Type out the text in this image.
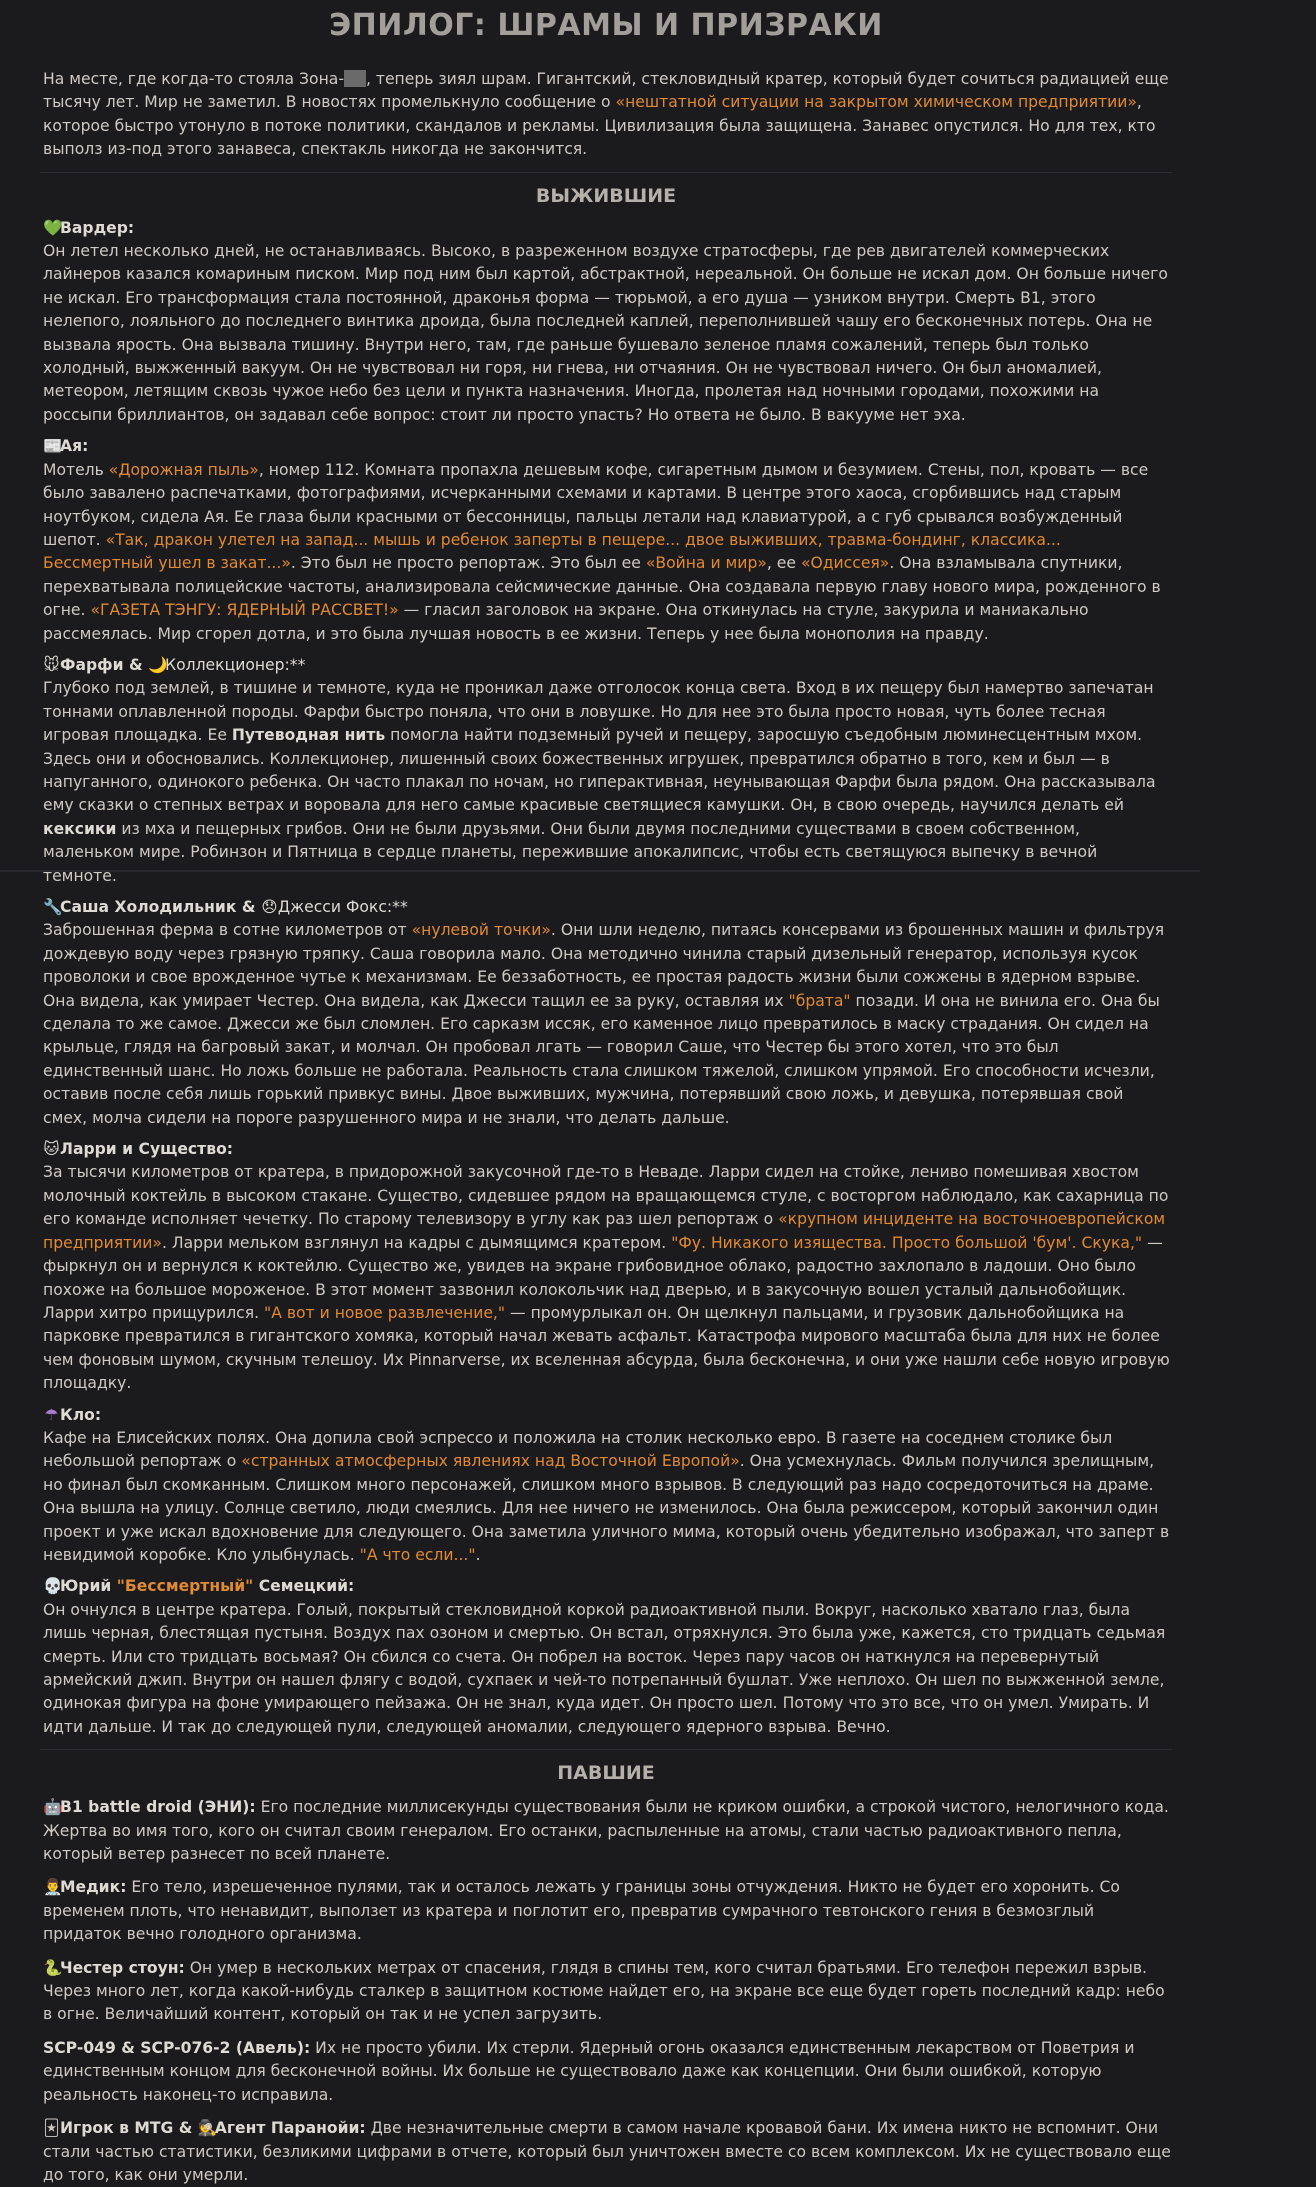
ЭПИЛОГ: ШРАМЫ И ПРИЗРАКИ

На месте, где когда-то стояла Зона- , теперь зиял шрам. Гигантский, стекловидный кратер, который будет сочиться радиацией еще тысячу лет. Мир не заметил. В новостях промелькнуло сообщение о «нештатной ситуации на закрытом химическом предприятии», которое быстро утонуло в потоке политики, скандалов и рекламы. Цивилизация была защищена. Занавес опустился. Но для тех, кто выполз из-под этого занавеса, спектакль никогда не закончится.

ВЫЖИВШИЕ
💚Вардер:
Он летел несколько дней, не останавливаясь. Высоко, в разреженном воздухе стратосферы, где рев двигателей коммерческих лайнеров казался комариным писком. Мир под ним был картой, абстрактной, нереальной. Он больше не искал дом. Он больше ничего не искал. Его трансформация стала постоянной, драконья форма — тюрьмой, а его душа — узником внутри. Смерть B1, этого нелепого, лояльного до последнего винтика дроида, была последней каплей, переполнившей чашу его бесконечных потерь. Она не вызвала ярость. Она вызвала тишину. Внутри него, там, где раньше бушевало зеленое пламя сожалений, теперь был только холодный, выжженный вакуум. Он не чувствовал ни горя, ни гнева, ни отчаяния. Он не чувствовал ничего. Он был аномалией, метеором, летящим сквозь чужое небо без цели и пункта назначения. Иногда, пролетая над ночными городами, похожими на россыпи бриллиантов, он задавал себе вопрос: стоит ли просто упасть? Но ответа не было. В вакууме нет эха.
📰Ая:
Мотель «Дорожная пыль», номер 112. Комната пропахла дешевым кофе, сигаретным дымом и безумием. Стены, пол, кровать — все было завалено распечатками, фотографиями, исчерканными схемами и картами. В центре этого хаоса, сгорбившись над старым ноутбуком, сидела Ая. Ее глаза были красными от бессонницы, пальцы летали над клавиатурой, а с губ срывался возбужденный шепот. «Так, дракон улетел на запад... мышь и ребенок заперты в пещере... двое выживших, травма-бондинг, классика... Бессмертный ушел в закат...». Это был не просто репортаж. Это был ее «Война и мир», ее «Одиссея». Она взламывала спутники, перехватывала полицейские частоты, анализировала сейсмические данные. Она создавала первую главу нового мира, рожденного в огне. «ГАЗЕТА ТЭНГУ: ЯДЕРНЫЙ РАССВЕТ!» — гласил заголовок на экране. Она откинулась на стуле, закурила и маниакально рассмеялась. Мир сгорел дотла, и это была лучшая новость в ее жизни. Теперь у нее была монополия на правду.
🐭Фарфи & 🌙Коллекционер:**
Глубоко под землей, в тишине и темноте, куда не проникал даже отголосок конца света. Вход в их пещеру был намертво запечатан тоннами оплавленной породы. Фарфи быстро поняла, что они в ловушке. Но для нее это была просто новая, чуть более тесная игровая площадка. Ее Путеводная нить помогла найти подземный ручей и пещеру, заросшую съедобным люминесцентным мхом. Здесь они и обосновались. Коллекционер, лишенный своих божественных игрушек, превратился обратно в того, кем и был — в напуганного, одинокого ребенка. Он часто плакал по ночам, но гиперактивная, неунывающая Фарфи была рядом. Она рассказывала ему сказки о степных ветрах и воровала для него самые красивые светящиеся камушки. Он, в свою очередь, научился делать ей кексики из мха и пещерных грибов. Они не были друзьями. Они были двумя последними существами в своем собственном, маленьком мире. Робинзон и Пятница в сердце планеты, пережившие апокалипсис, чтобы есть светящуюся выпечку в вечной темноте.
🔧Саша Холодильник & 😞Джесси Фокс:**
Заброшенная ферма в сотне километров от «нулевой точки». Они шли неделю, питаясь консервами из брошенных машин и фильтруя дождевую воду через грязную тряпку. Саша говорила мало. Она методично чинила старый дизельный генератор, используя кусок проволоки и свое врожденное чутье к механизмам. Ее беззаботность, ее простая радость жизни были сожжены в ядерном взрыве. Она видела, как умирает Честер. Она видела, как Джесси тащил ее за руку, оставляя их "брата" позади. И она не винила его. Она бы сделала то же самое. Джесси же был сломлен. Его сарказм иссяк, его каменное лицо превратилось в маску страдания. Он сидел на крыльце, глядя на багровый закат, и молчал. Он пробовал лгать — говорил Саше, что Честер бы этого хотел, что это был единственный шанс. Но ложь больше не работала. Реальность стала слишком тяжелой, слишком упрямой. Его способности исчезли, оставив после себя лишь горький привкус вины. Двое выживших, мужчина, потерявший свою ложь, и девушка, потерявшая свой смех, молча сидели на пороге разрушенного мира и не знали, что делать дальше.
🐱Ларри и Существо:
За тысячи километров от кратера, в придорожной закусочной где-то в Неваде. Ларри сидел на стойке, лениво помешивая хвостом молочный коктейль в высоком стакане. Существо, сидевшее рядом на вращающемся стуле, с восторгом наблюдало, как сахарница по его команде исполняет чечетку. По старому телевизору в углу как раз шел репортаж о «крупном инциденте на восточноевропейском предприятии». Ларри мельком взглянул на кадры с дымящимся кратером. "Фу. Никакого изящества. Просто большой 'бум'. Скука," — фыркнул он и вернулся к коктейлю. Существо же, увидев на экране грибовидное облако, радостно захлопало в ладоши. Оно было похоже на большое мороженое. В этот момент зазвонил колокольчик над дверью, и в закусочную вошел усталый дальнобойщик. Ларри хитро прищурился. "А вот и новое развлечение," — промурлыкал он. Он щелкнул пальцами, и грузовик дальнобойщика на парковке превратился в гигантского хомяка, который начал жевать асфальт. Катастрофа мирового масштаба была для них не более чем фоновым шумом, скучным телешоу. Их Pinnarverse, их вселенная абсурда, была бесконечна, и они уже нашли себе новую игровую площадку.
☂Кло:
Кафе на Елисейских полях. Она допила свой эспрессо и положила на столик несколько евро. В газете на соседнем столике был небольшой репортаж о «странных атмосферных явлениях над Восточной Европой». Она усмехнулась. Фильм получился зрелищным, но финал был скомканным. Слишком много персонажей, слишком много взрывов. В следующий раз надо сосредоточиться на драме. Она вышла на улицу. Солнце светило, люди смеялись. Для нее ничего не изменилось. Она была режиссером, который закончил один проект и уже искал вдохновение для следующего. Она заметила уличного мима, который очень убедительно изображал, что заперт в невидимой коробке. Кло улыбнулась. "А что если...".
💀Юрий "Бессмертный" Семецкий:
Он очнулся в центре кратера. Голый, покрытый стекловидной коркой радиоактивной пыли. Вокруг, насколько хватало глаз, была лишь черная, блестящая пустыня. Воздух пах озоном и смертью. Он встал, отряхнулся. Это была уже, кажется, сто тридцать седьмая смерть. Или сто тридцать восьмая? Он сбился со счета. Он побрел на восток. Через пару часов он наткнулся на перевернутый армейский джип. Внутри он нашел флягу с водой, сухпаек и чей-то потрепанный бушлат. Уже неплохо. Он шел по выжженной земле, одинокая фигура на фоне умирающего пейзажа. Он не знал, куда идет. Он просто шел. Потому что это все, что он умел. Умирать. И идти дальше. И так до следующей пули, следующей аномалии, следующего ядерного взрыва. Вечно.
ПАВШИЕ
🤖B1 battle droid (ЭНИ): Его последние миллисекунды существования были не криком ошибки, а строкой чистого, нелогичного кода. Жертва во имя того, кого он считал своим генералом. Его останки, распыленные на атомы, стали частью радиоактивного пепла, который ветер разнесет по всей планете.
👨‍⚕️Медик: Его тело, изрешеченное пулями, так и осталось лежать у границы зоны отчуждения. Никто не будет его хоронить. Со временем плоть, что ненавидит, выползет из кратера и поглотит его, превратив сумрачного тевтонского гения в безмозглый придаток вечно голодного организма.
🐍Честер стоун: Он умер в нескольких метрах от спасения, глядя в спины тем, кого считал братьями. Его телефон пережил взрыв. Через много лет, когда какой-нибудь сталкер в защитном костюме найдет его, на экране все еще будет гореть последний кадр: небо в огне. Величайший контент, который он так и не успел загрузить.
SCP-049 & SCP-076-2 (Авель): Их не просто убили. Их стерли. Ядерный огонь оказался единственным лекарством от Поветрия и единственным концом для бесконечной войны. Их больше не существовало даже как концепции. Они были ошибкой, которую реальность наконец-то исправила.
🃏Игрок в MTG & 🕵Агент Паранойи: Две незначительные смерти в самом начале кровавой бани. Их имена никто не вспомнит. Они стали частью статистики, безликими цифрами в отчете, который был уничтожен вместе со всем комплексом. Их не существовало еще до того, как они умерли.
